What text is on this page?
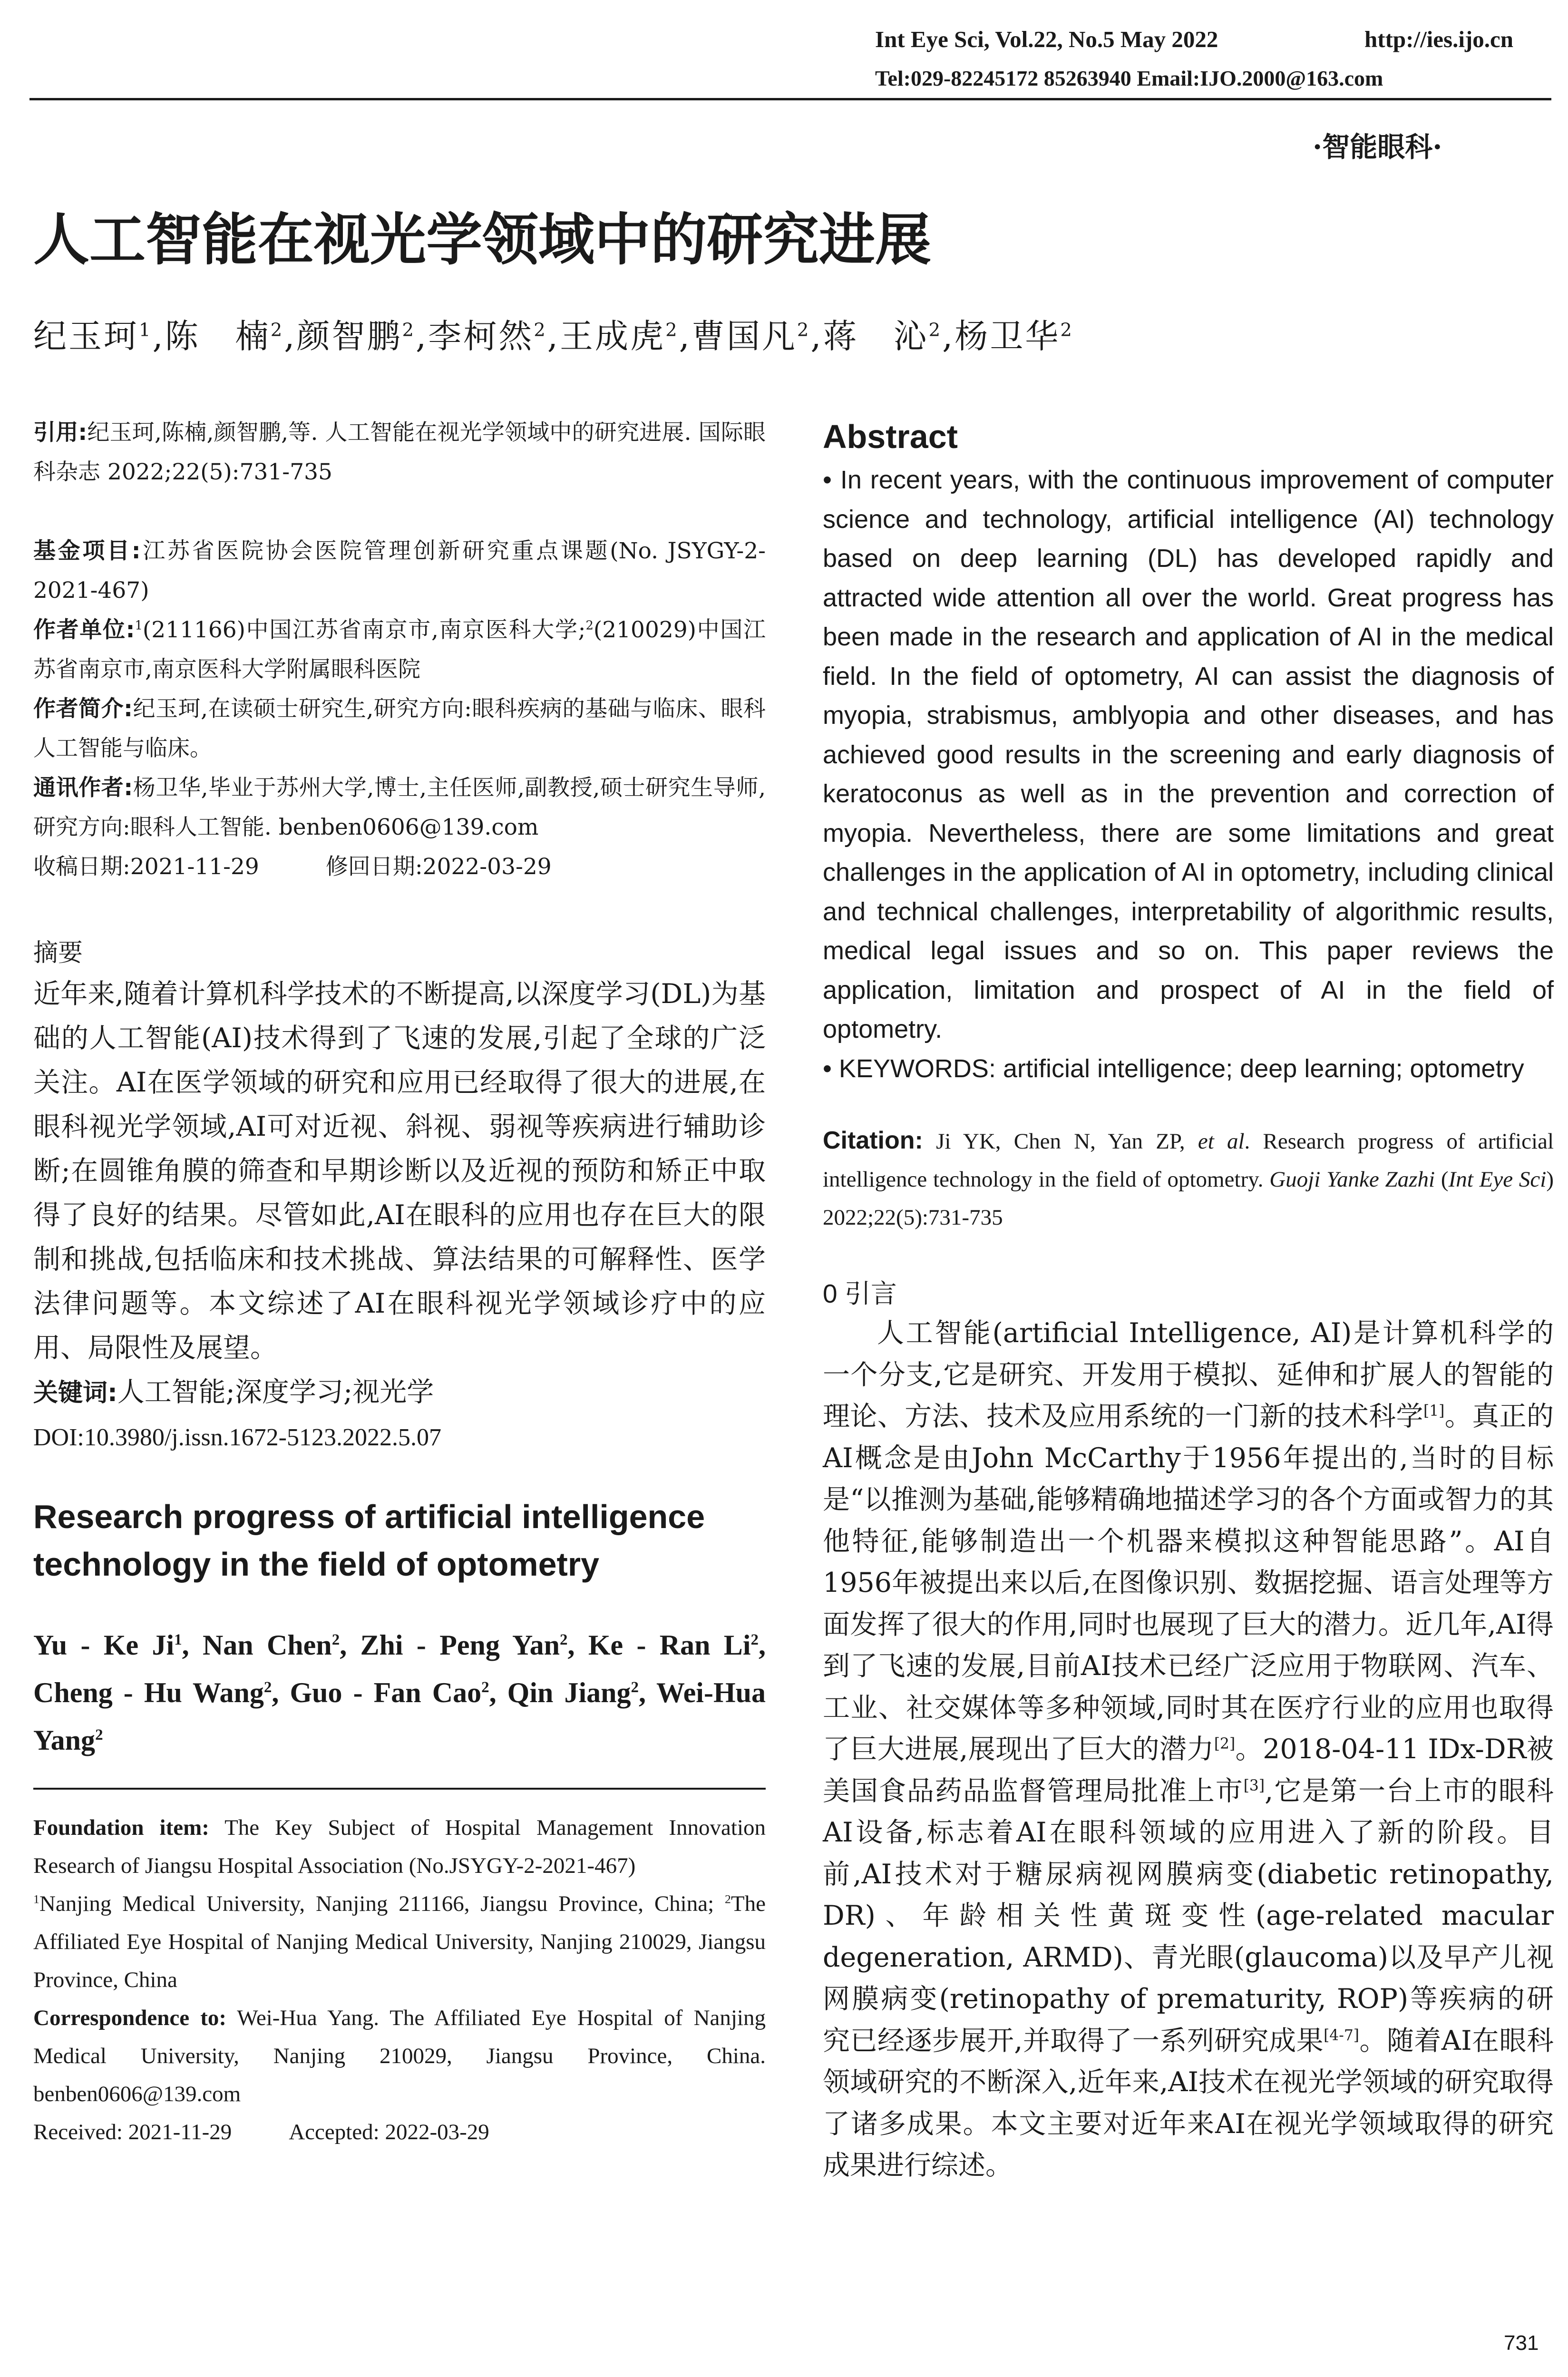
Int Eye Sci, Vol.22, No.5 May 2022	http://ies.ijo.cn
Tel:029-82245172 85263940 Email:IJO.2000@163.com
·智能眼科·
人工智能在视光学领域中的研究进展
纪玉珂$^1$,陈　楠$^2$,颜智鹏$^2$,李柯然$^2$,王成虎$^2$,曹国凡$^2$,蒋　沁$^2$,杨卫华$^2$
引用:纪玉珂,陈楠,颜智鹏,等. 人工智能在视光学领域中的研究进展. 国际眼科杂志 2022;22(5):731-735
基金项目:江苏省医院协会医院管理创新研究重点课题(No. JSYGY-2-2021-467)
作者单位:$^1$(211166)中国江苏省南京市,南京医科大学;$^2$(210029)中国江苏省南京市,南京医科大学附属眼科医院
作者简介:纪玉珂,在读硕士研究生,研究方向:眼科疾病的基础与临床、眼科人工智能与临床。
通讯作者:杨卫华,毕业于苏州大学,博士,主任医师,副教授,硕士研究生导师,研究方向:眼科人工智能. benben0606@139.com
收稿日期:2021-11-29	修回日期:2022-03-29
摘要
近年来,随着计算机科学技术的不断提高,以深度学习(DL)为基础的人工智能(AI)技术得到了飞速的发展,引起了全球的广泛关注。AI在医学领域的研究和应用已经取得了很大的进展,在眼科视光学领域,AI可对近视、斜视、弱视等疾病进行辅助诊断;在圆锥角膜的筛查和早期诊断以及近视的预防和矫正中取得了良好的结果。尽管如此,AI在眼科的应用也存在巨大的限制和挑战,包括临床和技术挑战、算法结果的可解释性、医学法律问题等。本文综述了AI在眼科视光学领域诊疗中的应用、局限性及展望。
关键词:人工智能;深度学习;视光学
DOI:10.3980/j.issn.1672-5123.2022.5.07
Research progress of artificial intelligence technology in the field of optometry
Yu - Ke Ji$^1$, Nan Chen$^2$, Zhi - Peng Yan$^2$, Ke - Ran Li$^2$, Cheng - Hu Wang$^2$, Guo - Fan Cao$^2$, Qin Jiang$^2$, Wei-Hua Yang$^2$
Foundation item: The Key Subject of Hospital Management Innovation Research of Jiangsu Hospital Association (No.JSYGY-2-2021-467)
$^1$Nanjing Medical University, Nanjing 211166, Jiangsu Province, China; $^2$The Affiliated Eye Hospital of Nanjing Medical University, Nanjing 210029, Jiangsu Province, China
Correspondence to: Wei-Hua Yang. The Affiliated Eye Hospital of Nanjing Medical University, Nanjing 210029, Jiangsu Province, China. benben0606@139.com
Received: 2021-11-29	Accepted: 2022-03-29
Abstract
• In recent years, with the continuous improvement of computer science and technology, artificial intelligence (AI) technology based on deep learning (DL) has developed rapidly and attracted wide attention all over the world. Great progress has been made in the research and application of AI in the medical field. In the field of optometry, AI can assist the diagnosis of myopia, strabismus, amblyopia and other diseases, and has achieved good results in the screening and early diagnosis of keratoconus as well as in the prevention and correction of myopia. Nevertheless, there are some limitations and great challenges in the application of AI in optometry, including clinical and technical challenges, interpretability of algorithmic results, medical legal issues and so on. This paper reviews the application, limitation and prospect of AI in the field of optometry.
• KEYWORDS: artificial intelligence; deep learning; optometry
Citation: Ji YK, Chen N, Yan ZP, et al. Research progress of artificial intelligence technology in the field of optometry. Guoji Yanke Zazhi (Int Eye Sci) 2022;22(5):731-735
0 引言
人工智能(artificial Intelligence, AI)是计算机科学的一个分支,它是研究、开发用于模拟、延伸和扩展人的智能的理论、方法、技术及应用系统的一门新的技术科学[1]。真正的AI概念是由John McCarthy于1956年提出的,当时的目标是“以推测为基础,能够精确地描述学习的各个方面或智力的其他特征,能够制造出一个机器来模拟这种智能思路”。AI自1956年被提出来以后,在图像识别、数据挖掘、语言处理等方面发挥了很大的作用,同时也展现了巨大的潜力。近几年,AI得到了飞速的发展,目前AI技术已经广泛应用于物联网、汽车、工业、社交媒体等多种领域,同时其在医疗行业的应用也取得了巨大进展,展现出了巨大的潜力[2]。2018-04-11 IDx-DR被美国食品药品监督管理局批准上市[3],它是第一台上市的眼科AI设备,标志着AI在眼科领域的应用进入了新的阶段。目前,AI技术对于糖尿病视网膜病变(diabetic retinopathy, DR)、年龄相关性黄斑变性(age-related macular degeneration, ARMD)、青光眼(glaucoma)以及早产儿视网膜病变(retinopathy of prematurity, ROP)等疾病的研究已经逐步展开,并取得了一系列研究成果[4-7]。随着AI在眼科领域研究的不断深入,近年来,AI技术在视光学领域的研究取得了诸多成果。本文主要对近年来AI在视光学领域取得的研究成果进行综述。
731
